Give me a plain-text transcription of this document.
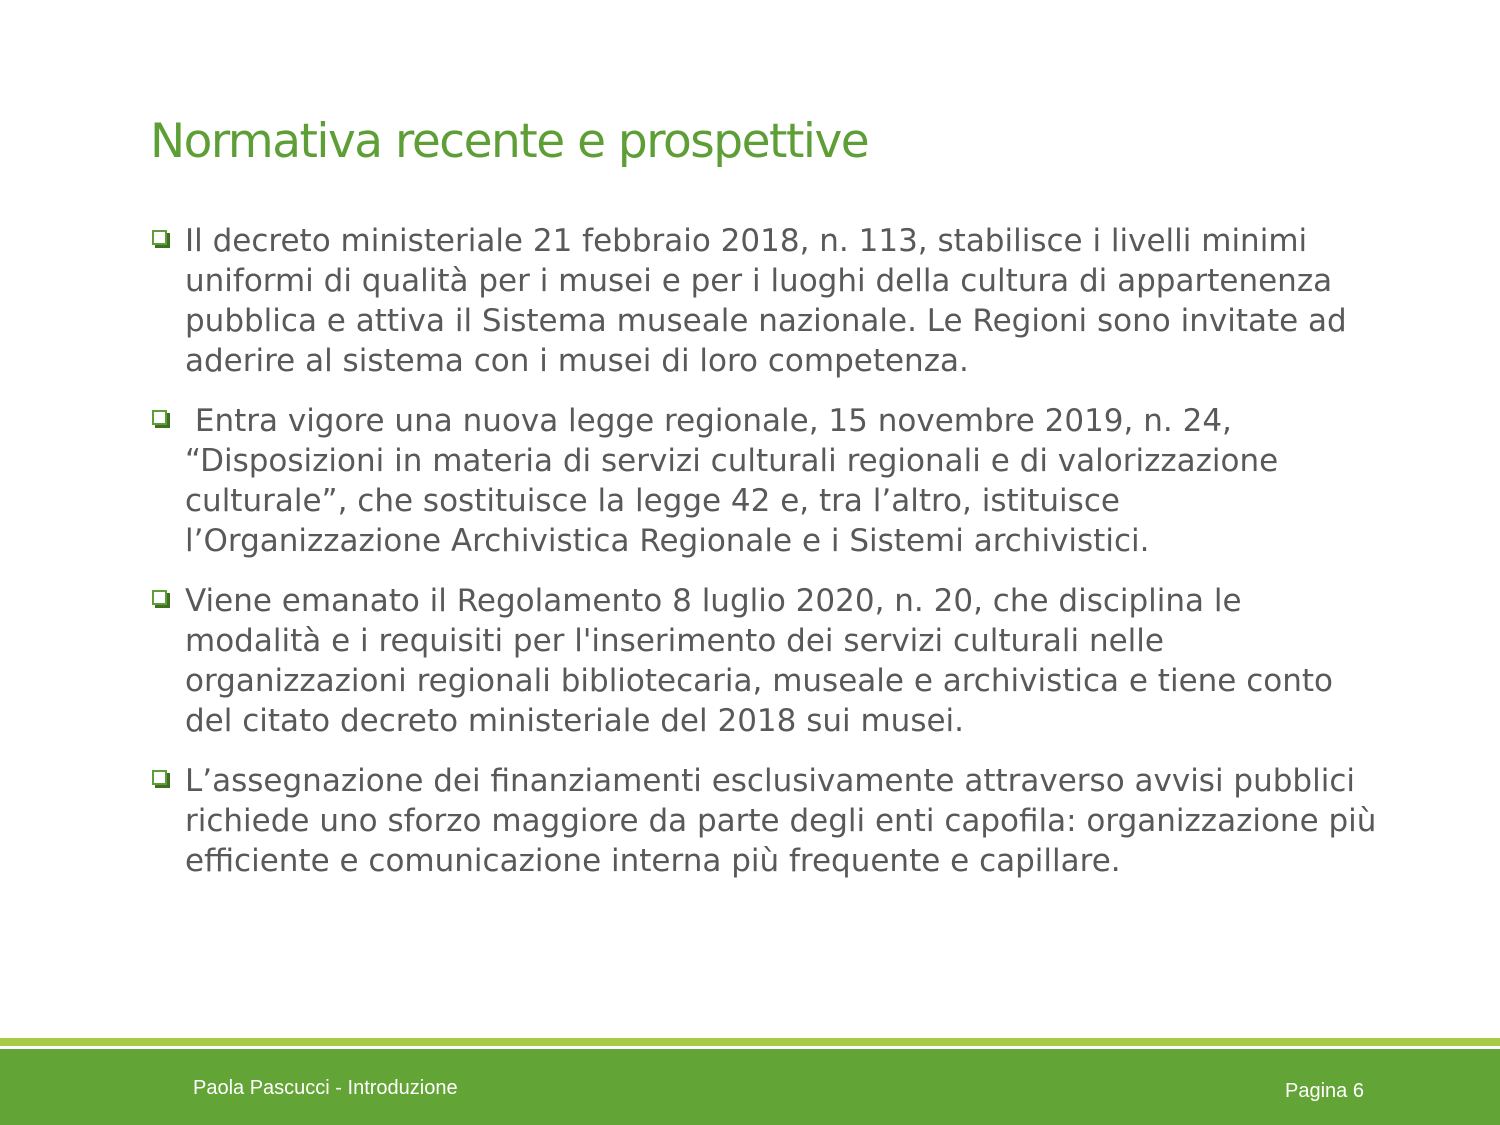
Normativa recente e prospettive
Il decreto ministeriale 21 febbraio 2018, n. 113, stabilisce i livelli minimi uniformi di qualità per i musei e per i luoghi della cultura di appartenenza pubblica e attiva il Sistema museale nazionale. Le Regioni sono invitate ad aderire al sistema con i musei di loro competenza.
Entra vigore una nuova legge regionale, 15 novembre 2019, n. 24, “Disposizioni in materia di servizi culturali regionali e di valorizzazione culturale”, che sostituisce la legge 42 e, tra l’altro, istituisce l’Organizzazione Archivistica Regionale e i Sistemi archivistici.
Viene emanato il Regolamento 8 luglio 2020, n. 20, che disciplina le modalità e i requisiti per l'inserimento dei servizi culturali nelle organizzazioni regionali bibliotecaria, museale e archivistica e tiene conto del citato decreto ministeriale del 2018 sui musei.
L’assegnazione dei finanziamenti esclusivamente attraverso avvisi pubblici richiede uno sforzo maggiore da parte degli enti capofila: organizzazione più efficiente e comunicazione interna più frequente e capillare.
Paola Pascucci - Introduzione	Pagina 6
